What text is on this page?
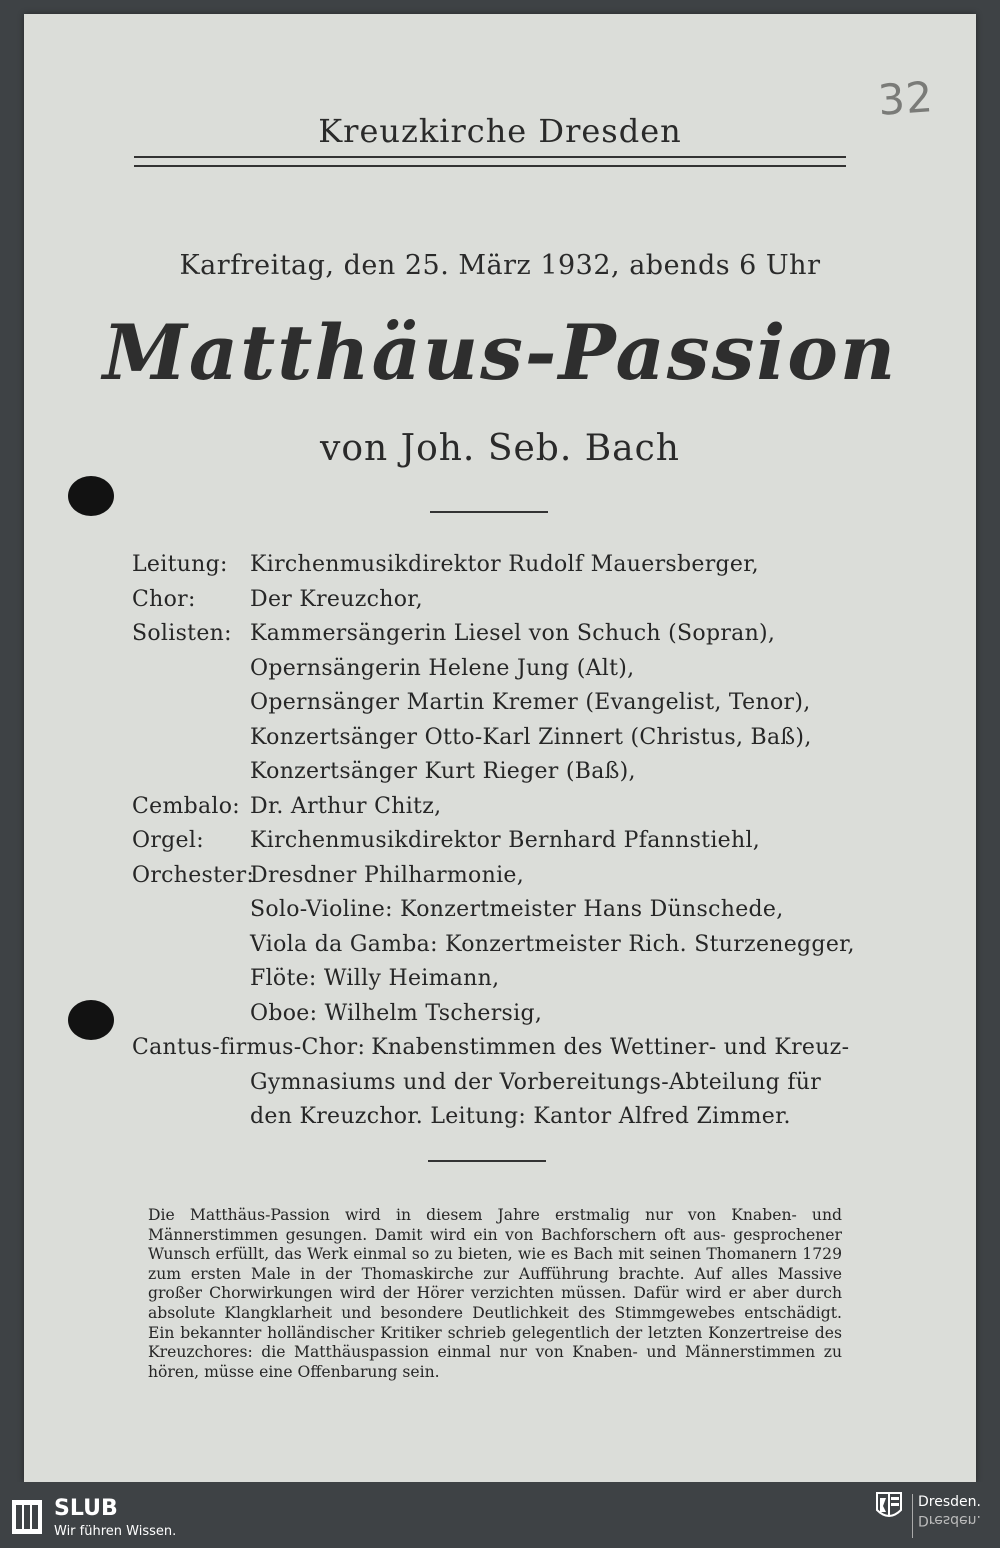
32
Kreuzkirche Dresden
Karfreitag, den 25. März 1932, abends 6 Uhr
Matthäus-Passion
von Joh. Seb. Bach
Leitung:	Kirchenmusikdirektor Rudolf Mauersberger,
Chor:	Der Kreuzchor,
Solisten: Kammersängerin Liesel von Schuch (Sopran),
Opernsängerin Helene Jung (Alt),
Opernsänger Martin Kremer (Evangelist, Tenor),
Konzertsänger Otto-Karl Zinnert (Christus, Baß),
Konzertsänger Kurt Rieger (Baß),
Cembalo: Dr. Arthur Chitz,
Orgel:	Kirchenmusikdirektor Bernhard Pfannstiehl,
Orchester:
Dresdner Philharmonie,
Solo-Violine: Konzertmeister Hans Dünschede,
Viola da Gamba: Konzertmeister Rich. Sturzenegger,
Flöte: Willy Heimann,
Oboe: Wilhelm Tschersig,
Cantus-firmus-Chor: Knabenstimmen des Wettiner- und Kreuz-
Gymnasiums und der Vorbereitungs-Abteilung für
den Kreuzchor. Leitung: Kantor Alfred Zimmer.
Die Matthäus-Passion wird in diesem Jahre erstmalig nur von Knaben- und Männerstimmen gesungen. Damit wird ein von Bachforschern oft aus- gesprochener Wunsch erfüllt, das Werk einmal so zu bieten, wie es Bach mit seinen Thomanern 1729 zum ersten Male in der Thomaskirche zur Aufführung brachte. Auf alles Massive großer Chorwirkungen wird der Hörer verzichten müssen. Dafür wird er aber durch absolute Klangklarheit und besondere Deutlichkeit des Stimmgewebes entschädigt. Ein bekannter holländischer Kritiker schrieb gelegentlich der letzten Konzertreise des Kreuzchores: die Matthäuspassion einmal nur von Knaben- und Männerstimmen zu hören, müsse eine Offenbarung sein.
SLUB
Wir führen Wissen.
Dresden.
Dresden.
